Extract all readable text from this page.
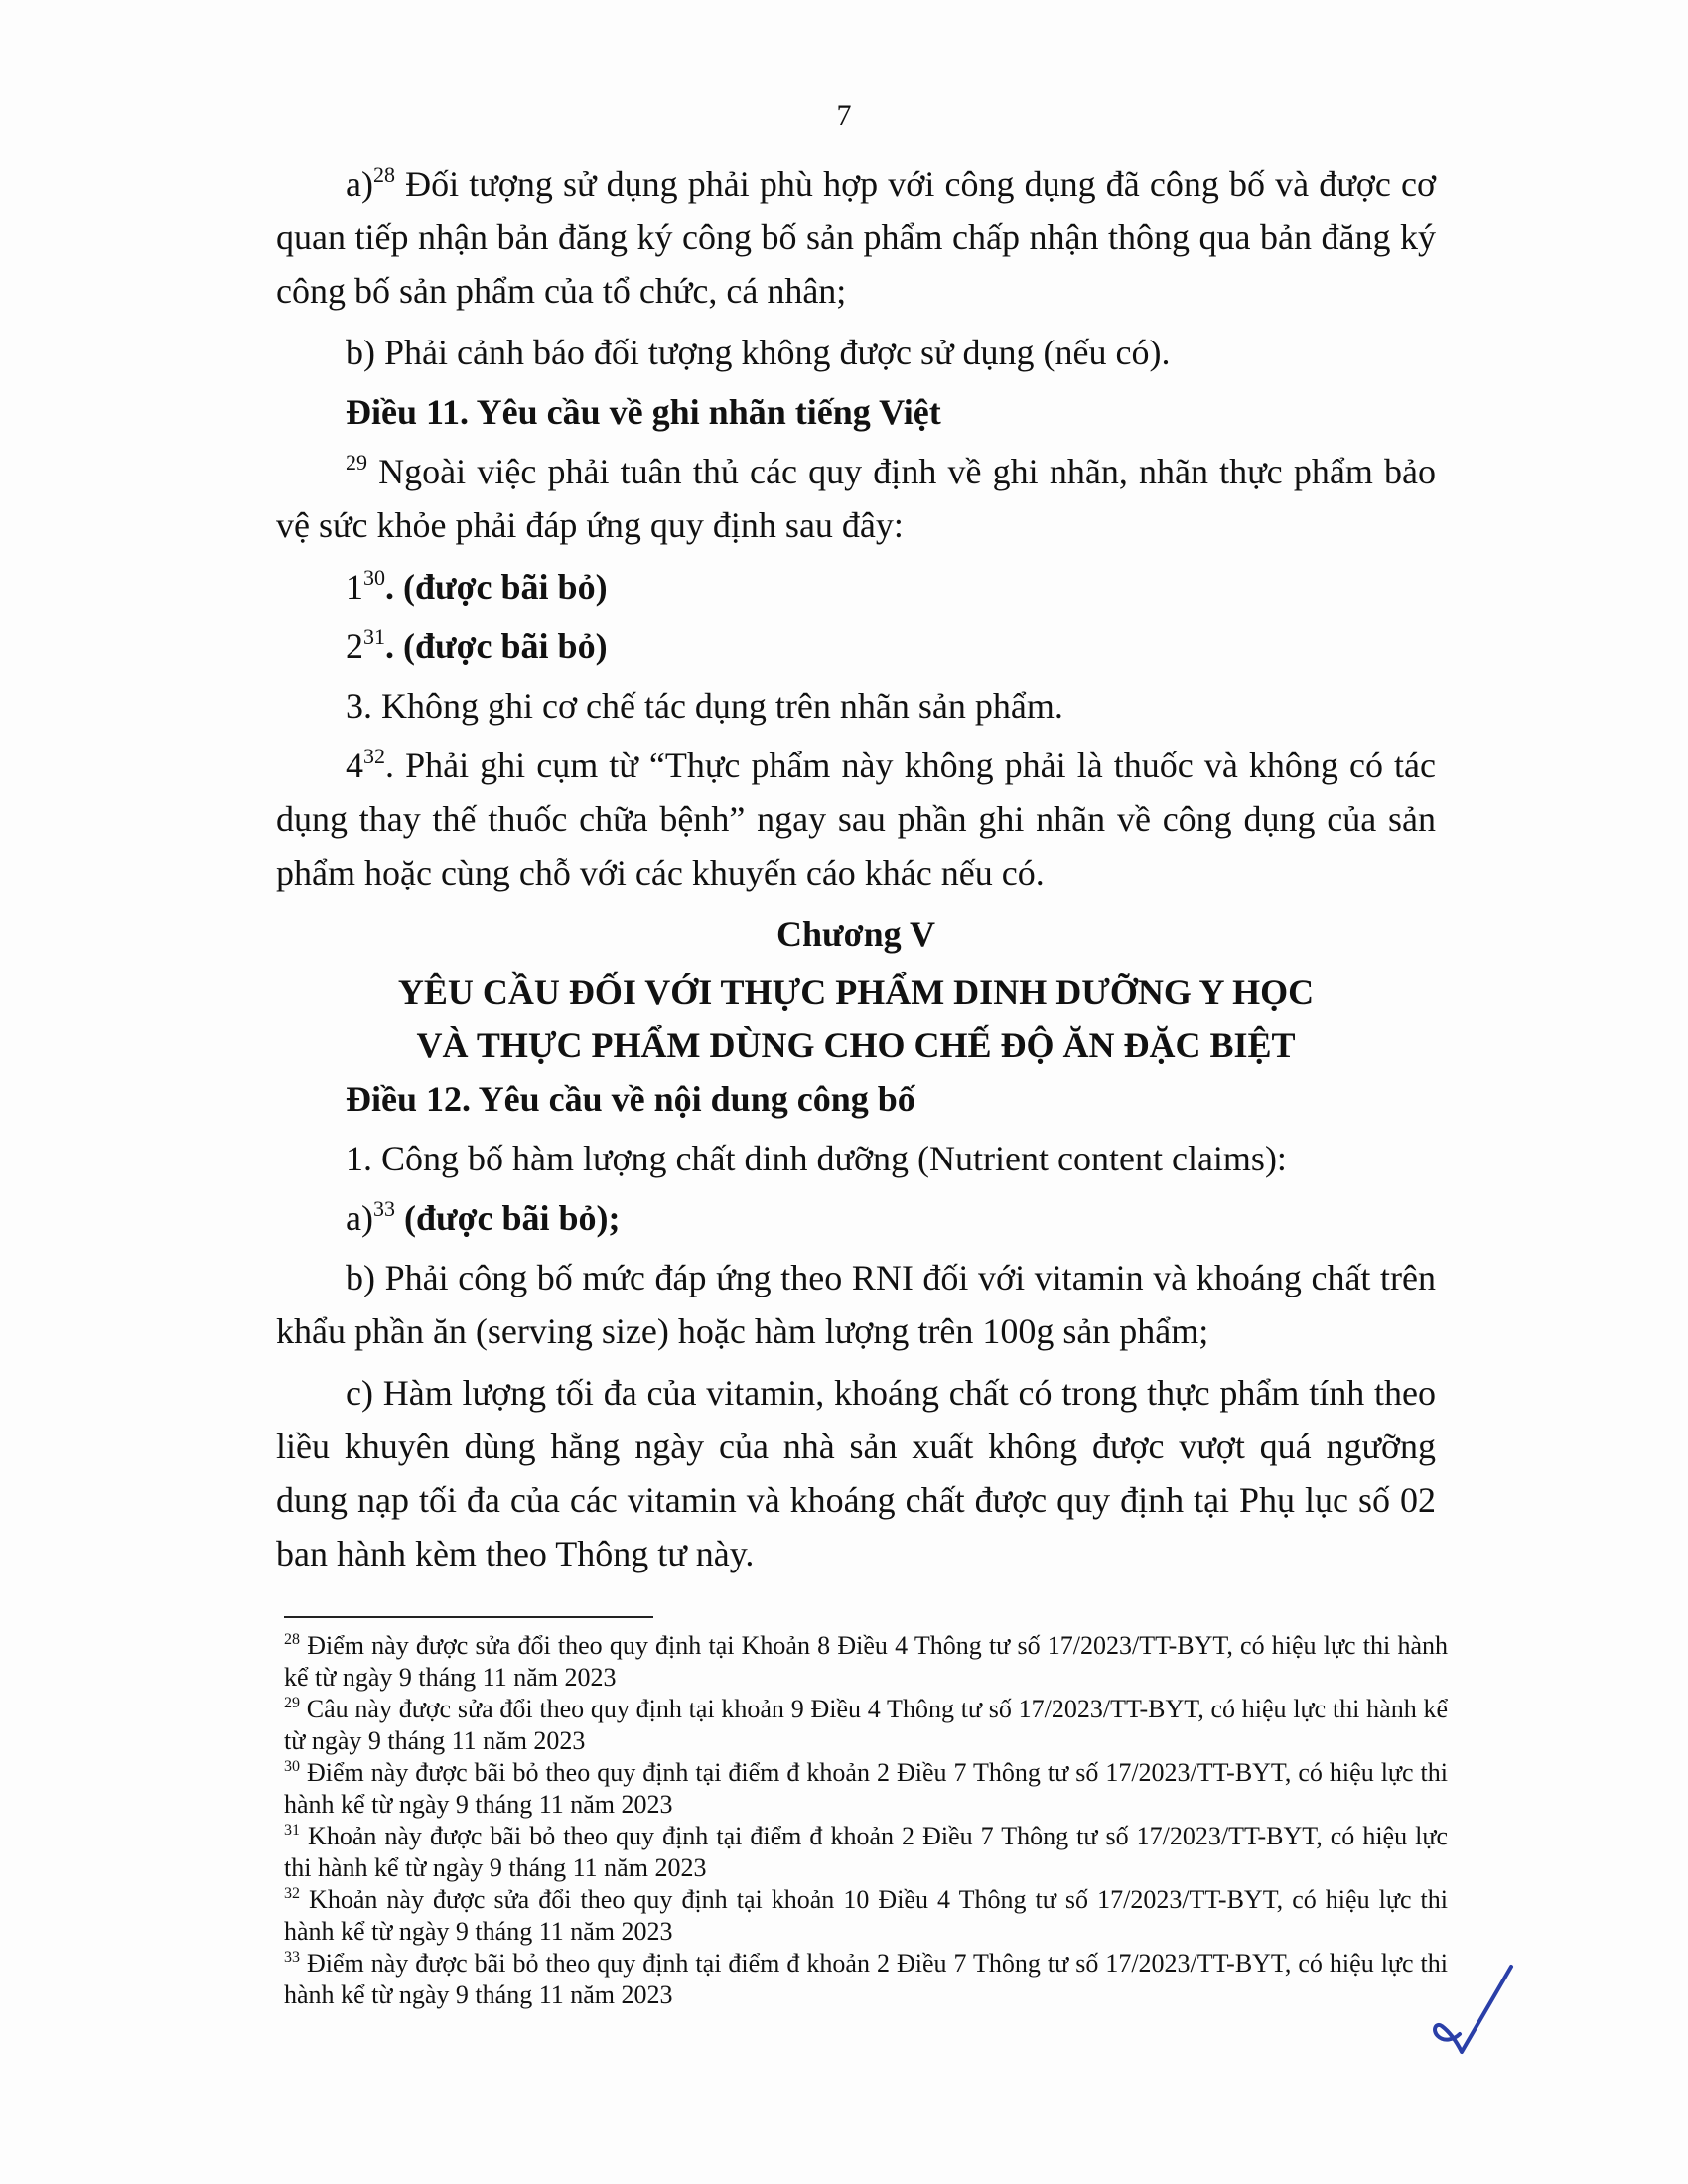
7

a)$^{28}$ Đối tượng sử dụng phải phù hợp với công dụng đã công bố và được cơ quan tiếp nhận bản đăng ký công bố sản phẩm chấp nhận thông qua bản đăng ký công bố sản phẩm của tổ chức, cá nhân;

b) Phải cảnh báo đối tượng không được sử dụng (nếu có).

Điều 11. Yêu cầu về ghi nhãn tiếng Việt

$^{29}$ Ngoài việc phải tuân thủ các quy định về ghi nhãn, nhãn thực phẩm bảo vệ sức khỏe phải đáp ứng quy định sau đây:

$1^{30}$. (được bãi bỏ)

$2^{31}$. (được bãi bỏ)

3. Không ghi cơ chế tác dụng trên nhãn sản phẩm.

$4^{32}$. Phải ghi cụm từ “Thực phẩm này không phải là thuốc và không có tác dụng thay thế thuốc chữa bệnh” ngay sau phần ghi nhãn về công dụng của sản phẩm hoặc cùng chỗ với các khuyến cáo khác nếu có.

Chương V

YÊU CẦU ĐỐI VỚI THỰC PHẨM DINH DƯỠNG Y HỌC

VÀ THỰC PHẨM DÙNG CHO CHẾ ĐỘ ĂN ĐẶC BIỆT

Điều 12. Yêu cầu về nội dung công bố

1. Công bố hàm lượng chất dinh dưỡng (Nutrient content claims):

a)$^{33}$ (được bãi bỏ);

b) Phải công bố mức đáp ứng theo RNI đối với vitamin và khoáng chất trên khẩu phần ăn (serving size) hoặc hàm lượng trên 100g sản phẩm;

c) Hàm lượng tối đa của vitamin, khoáng chất có trong thực phẩm tính theo liều khuyên dùng hằng ngày của nhà sản xuất không được vượt quá ngưỡng dung nạp tối đa của các vitamin và khoáng chất được quy định tại Phụ lục số 02 ban hành kèm theo Thông tư này.

$^{28}$ Điểm này được sửa đổi theo quy định tại Khoản 8 Điều 4 Thông tư số 17/2023/TT-BYT, có hiệu lực thi hành kể từ ngày 9 tháng 11 năm 2023

$^{29}$ Câu này được sửa đổi theo quy định tại khoản 9 Điều 4 Thông tư số 17/2023/TT-BYT, có hiệu lực thi hành kể từ ngày 9 tháng 11 năm 2023

$^{30}$ Điểm này được bãi bỏ theo quy định tại điểm đ khoản 2 Điều 7 Thông tư số 17/2023/TT-BYT, có hiệu lực thi hành kể từ ngày 9 tháng 11 năm 2023

$^{31}$ Khoản này được bãi bỏ theo quy định tại điểm đ khoản 2 Điều 7 Thông tư số 17/2023/TT-BYT, có hiệu lực thi hành kể từ ngày 9 tháng 11 năm 2023

$^{32}$ Khoản này được sửa đổi theo quy định tại khoản 10 Điều 4 Thông tư số 17/2023/TT-BYT, có hiệu lực thi hành kể từ ngày 9 tháng 11 năm 2023

$^{33}$ Điểm này được bãi bỏ theo quy định tại điểm đ khoản 2 Điều 7 Thông tư số 17/2023/TT-BYT, có hiệu lực thi hành kể từ ngày 9 tháng 11 năm 2023
